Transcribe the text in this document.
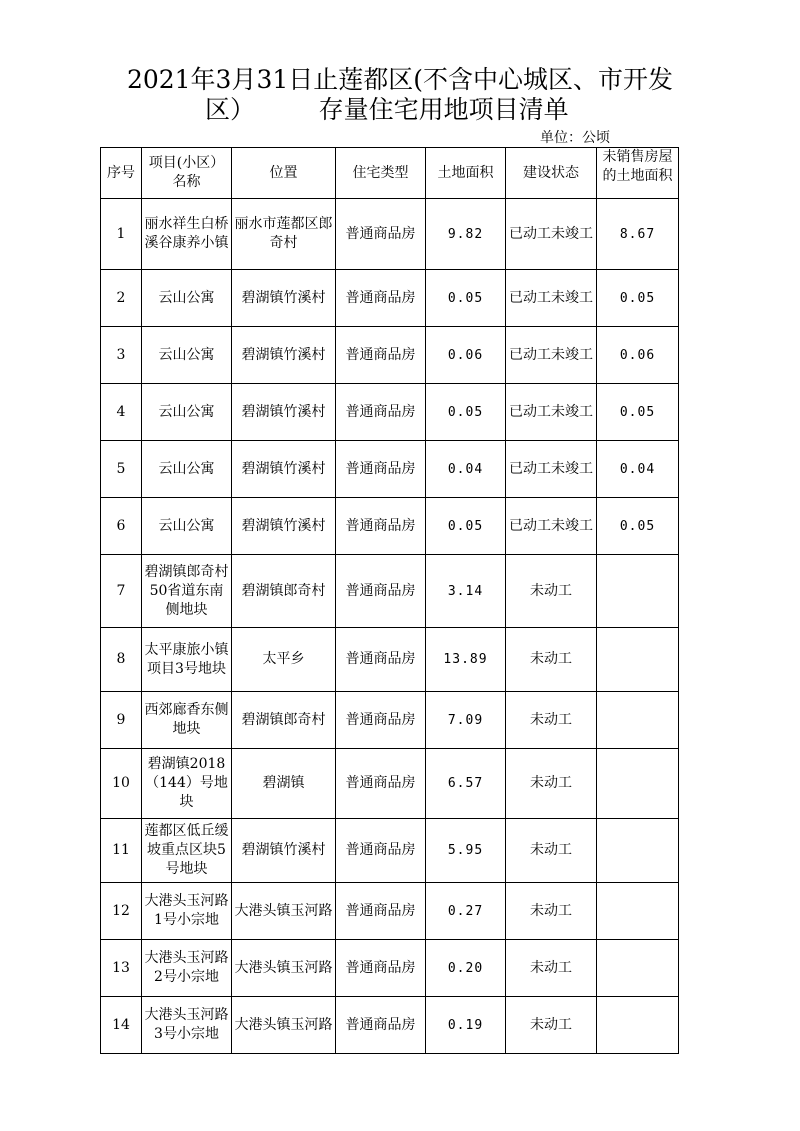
2021年3月31日止莲都区(不含中心城区、市开发
区）        存量住宅用地项目清单
单位：公顷
序号	项目(小区）名称	位置	住宅类型	土地面积	建设状态	未销售房屋的土地面积
1	丽水祥生白桥溪谷康养小镇	丽水市莲都区郎奇村	普通商品房	9.82	已动工未竣工	8.67
2	云山公寓	碧湖镇竹溪村	普通商品房	0.05	已动工未竣工	0.05
3	云山公寓	碧湖镇竹溪村	普通商品房	0.06	已动工未竣工	0.06
4	云山公寓	碧湖镇竹溪村	普通商品房	0.05	已动工未竣工	0.05
5	云山公寓	碧湖镇竹溪村	普通商品房	0.04	已动工未竣工	0.04
6	云山公寓	碧湖镇竹溪村	普通商品房	0.05	已动工未竣工	0.05
7	碧湖镇郎奇村50省道东南侧地块	碧湖镇郎奇村	普通商品房	3.14	未动工	
8	太平康旅小镇项目3号地块	太平乡	普通商品房	13.89	未动工	
9	西郊廊香东侧地块	碧湖镇郎奇村	普通商品房	7.09	未动工	
10	碧湖镇2018（144）号地块	碧湖镇	普通商品房	6.57	未动工	
11	莲都区低丘缓坡重点区块5号地块	碧湖镇竹溪村	普通商品房	5.95	未动工	
12	大港头玉河路1号小宗地	大港头镇玉河路	普通商品房	0.27	未动工	
13	大港头玉河路2号小宗地	大港头镇玉河路	普通商品房	0.20	未动工	
14	大港头玉河路3号小宗地	大港头镇玉河路	普通商品房	0.19	未动工	
